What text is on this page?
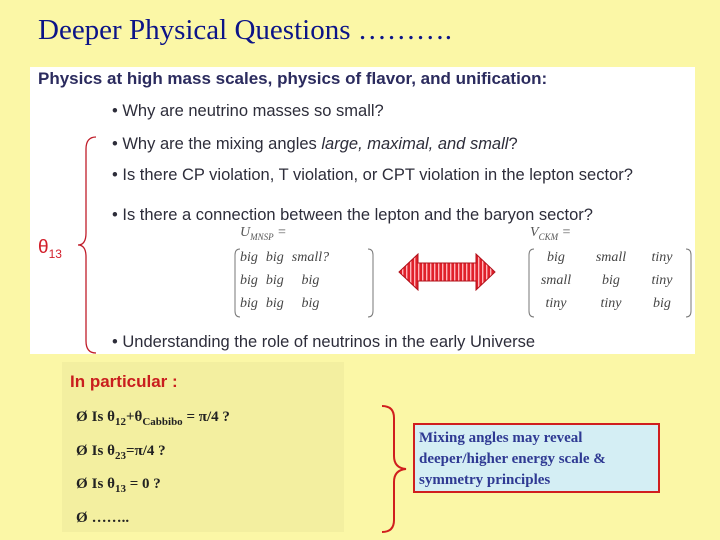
Deeper Physical Questions ……….
Physics at high mass scales, physics of flavor, and unification:
• Why are neutrino masses so small?
• Why are the mixing angles large, maximal, and small?
• Is there CP violation, T violation, or CPT violation in the lepton sector?
• Is there a connection between the lepton and the baryon sector?
• Understanding the role of neutrinos in the early Universe
$\theta_{13}$
$U_{MNSP}$ =
big	big	small?
big	big	big
big	big	big
$V_{CKM}$ =
big	small	tiny
small	big	tiny
tiny	tiny	big
In particular :
Ø Is $\theta_{12}+\theta_{Cabbibo} = \pi/4$ ?
Ø Is $\theta_{23}=\pi/4$ ?
Ø Is $\theta_{13} = 0$ ?
Ø ……..
Mixing angles may reveal deeper/higher energy scale & symmetry principles
